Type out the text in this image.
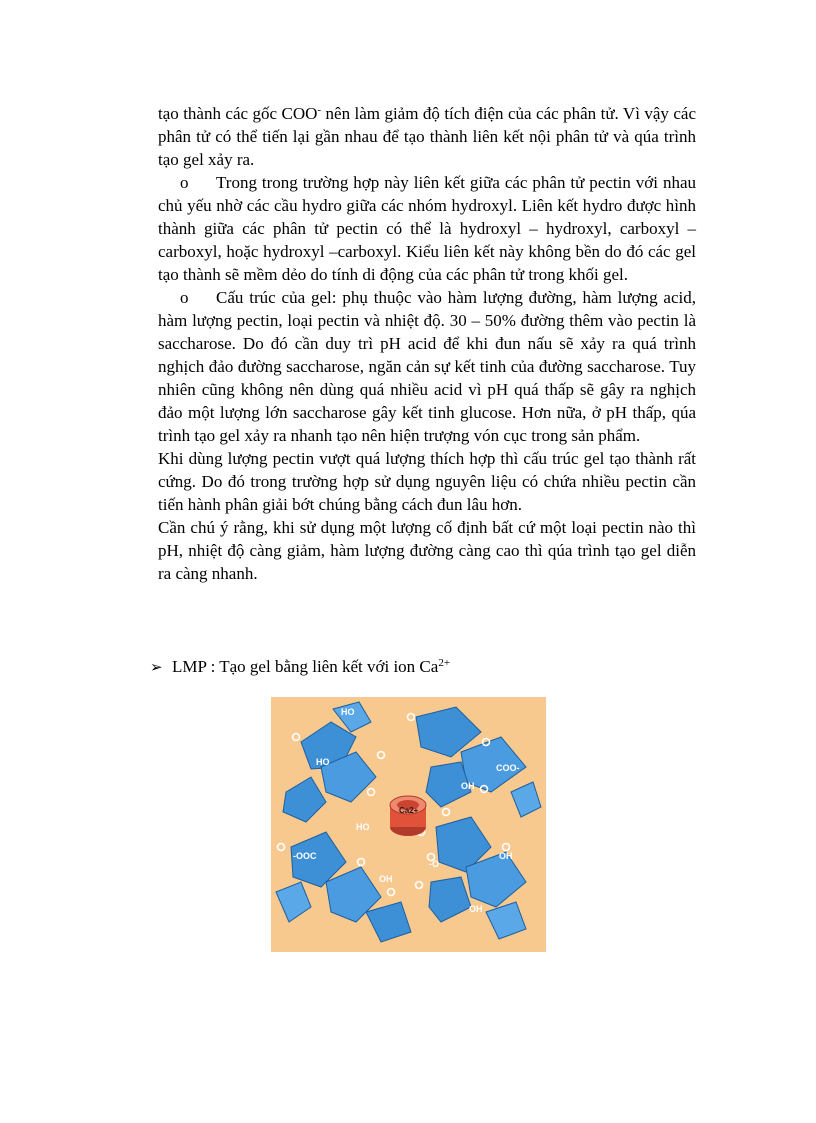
tạo thành các gốc COO- nên làm giảm độ tích điện của các phân tử. Vì vậy các phân tử có thể tiến lại gần nhau để tạo thành liên kết nội phân tử và qúa trình tạo gel xảy ra.

o Trong trong trường hợp này liên kết giữa các phân tử pectin với nhau chủ yếu nhờ các cầu hydro giữa các nhóm hydroxyl. Liên kết hydro được hình thành giữa các phân tử pectin có thể là hydroxyl – hydroxyl, carboxyl – carboxyl, hoặc hydroxyl –carboxyl. Kiểu liên kết này không bền do đó các gel tạo thành sẽ mềm dẻo do tính di động của các phân tử trong khối gel.

o Cấu trúc của gel: phụ thuộc vào hàm lượng đường, hàm lượng acid, hàm lượng pectin, loại pectin và nhiệt độ. 30 – 50% đường thêm vào pectin là saccharose. Do đó cần duy trì pH acid để khi đun nấu sẽ xảy ra quá trình nghịch đảo đường saccharose, ngăn cản sự kết tinh của đường saccharose. Tuy nhiên cũng không nên dùng quá nhiều acid vì pH quá thấp sẽ gây ra nghịch đảo một lượng lớn saccharose gây kết tinh glucose. Hơn nữa, ở pH thấp, qúa trình tạo gel xảy ra nhanh tạo nên hiện trượng vón cục trong sản phẩm.

Khi dùng lượng pectin vượt quá lượng thích hợp thì cấu trúc gel tạo thành rất cứng. Do đó trong trường hợp sử dụng nguyên liệu có chứa nhiều pectin cần tiến hành phân giải bớt chúng bằng cách đun lâu hơn.

Cần chú ý rằng, khi sử dụng một lượng cố định bất cứ một loại pectin nào thì pH, nhiệt độ càng giảm, hàm lượng đường càng cao thì qúa trình tạo gel diễn ra càng nhanh.

➢ LMP : Tạo gel bằng liên kết với ion $Ca^{2+}$
HO
HO
HO
COO-
OH
-OOC
OH
OH
OH
-O
Ca2+
